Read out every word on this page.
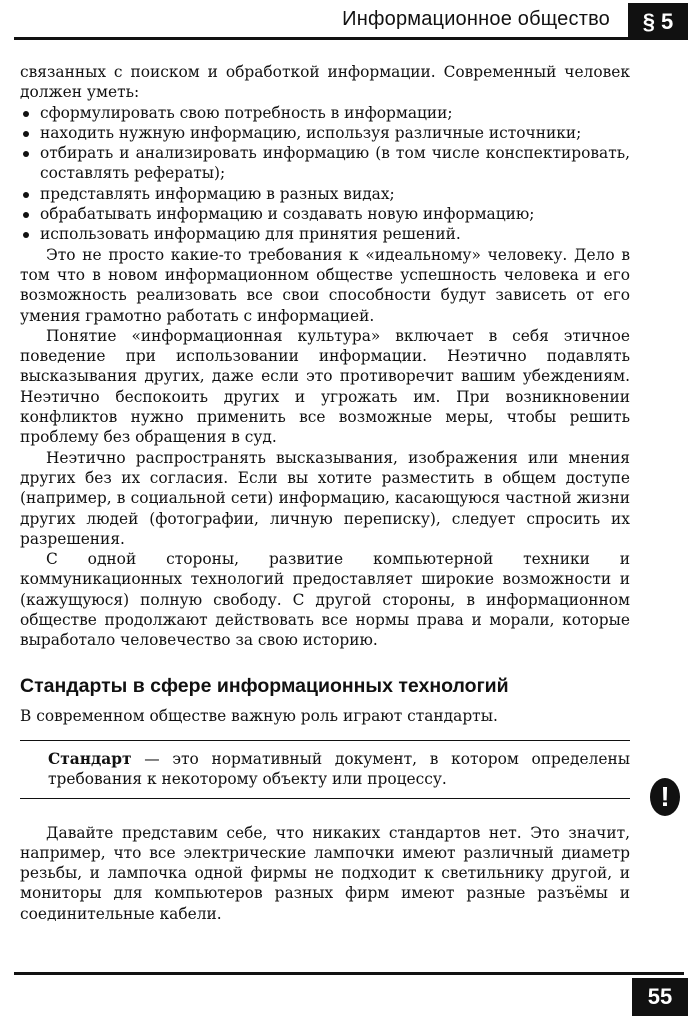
Информационное общество	§ 5

связанных с поиском и обработкой информации. Современный человек должен уметь:

сформулировать свою потребность в информации;
находить нужную информацию, используя различные источники;
отбирать и анализировать информацию (в том числе конспектировать, составлять рефераты);
представлять информацию в разных видах;
обрабатывать информацию и создавать новую информацию;
использовать информацию для принятия решений.

Это не просто какие-то требования к «идеальному» человеку. Дело в том что в новом информационном обществе успешность человека и его возможность реализовать все свои способности будут зависеть от его умения грамотно работать с информацией.

Понятие «информационная культура» включает в себя этичное поведение при использовании информации. Неэтично подавлять высказывания других, даже если это противоречит вашим убеждениям. Неэтично беспокоить других и угрожать им. При возникновении конфликтов нужно применить все возможные меры, чтобы решить проблему без обращения в суд.

Неэтично распространять высказывания, изображения или мнения других без их согласия. Если вы хотите разместить в общем доступе (например, в социальной сети) информацию, касающуюся частной жизни других людей (фотографии, личную переписку), следует спросить их разрешения.

С одной стороны, развитие компьютерной техники и коммуникационных технологий предоставляет широкие возможности и (кажущуюся) полную свободу. С другой стороны, в информационном обществе продолжают действовать все нормы права и морали, которые выработало человечество за свою историю.

Стандарты в сфере информационных технологий

В современном обществе важную роль играют стандарты.

Стандарт — это нормативный документ, в котором определены требования к некоторому объекту или процессу.

Давайте представим себе, что никаких стандартов нет. Это значит, например, что все электрические лампочки имеют различный диаметр резьбы, и лампочка одной фирмы не подходит к светильнику другой, и мониторы для компьютеров разных фирм имеют разные разъёмы и соединительные кабели.

!
55
